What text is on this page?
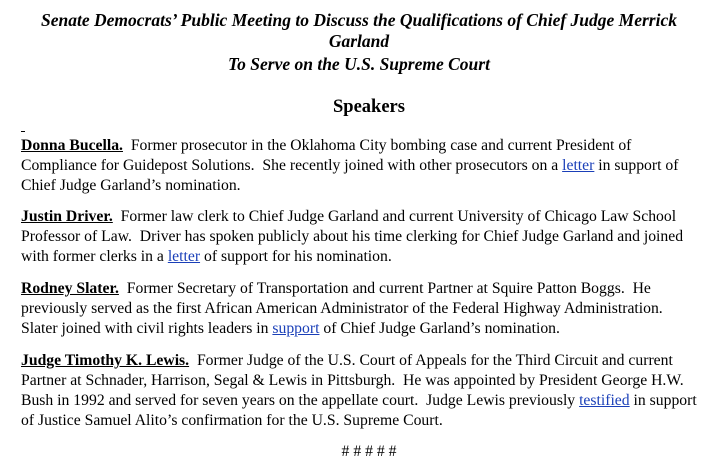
Senate Democrats’ Public Meeting to Discuss the Qualifications of Chief Judge Merrick
Garland
To Serve on the U.S. Supreme Court
Speakers
Donna Bucella.  Former prosecutor in the Oklahoma City bombing case and current President of
Compliance for Guidepost Solutions.  She recently joined with other prosecutors on a letter in support of
Chief Judge Garland’s nomination.
Justin Driver.  Former law clerk to Chief Judge Garland and current University of Chicago Law School
Professor of Law.  Driver has spoken publicly about his time clerking for Chief Judge Garland and joined
with former clerks in a letter of support for his nomination.
Rodney Slater.  Former Secretary of Transportation and current Partner at Squire Patton Boggs.  He
previously served as the first African American Administrator of the Federal Highway Administration.
Slater joined with civil rights leaders in support of Chief Judge Garland’s nomination.
Judge Timothy K. Lewis.  Former Judge of the U.S. Court of Appeals for the Third Circuit and current
Partner at Schnader, Harrison, Segal & Lewis in Pittsburgh.  He was appointed by President George H.W.
Bush in 1992 and served for seven years on the appellate court.  Judge Lewis previously testified in support
of Justice Samuel Alito’s confirmation for the U.S. Supreme Court.
# # # # #
